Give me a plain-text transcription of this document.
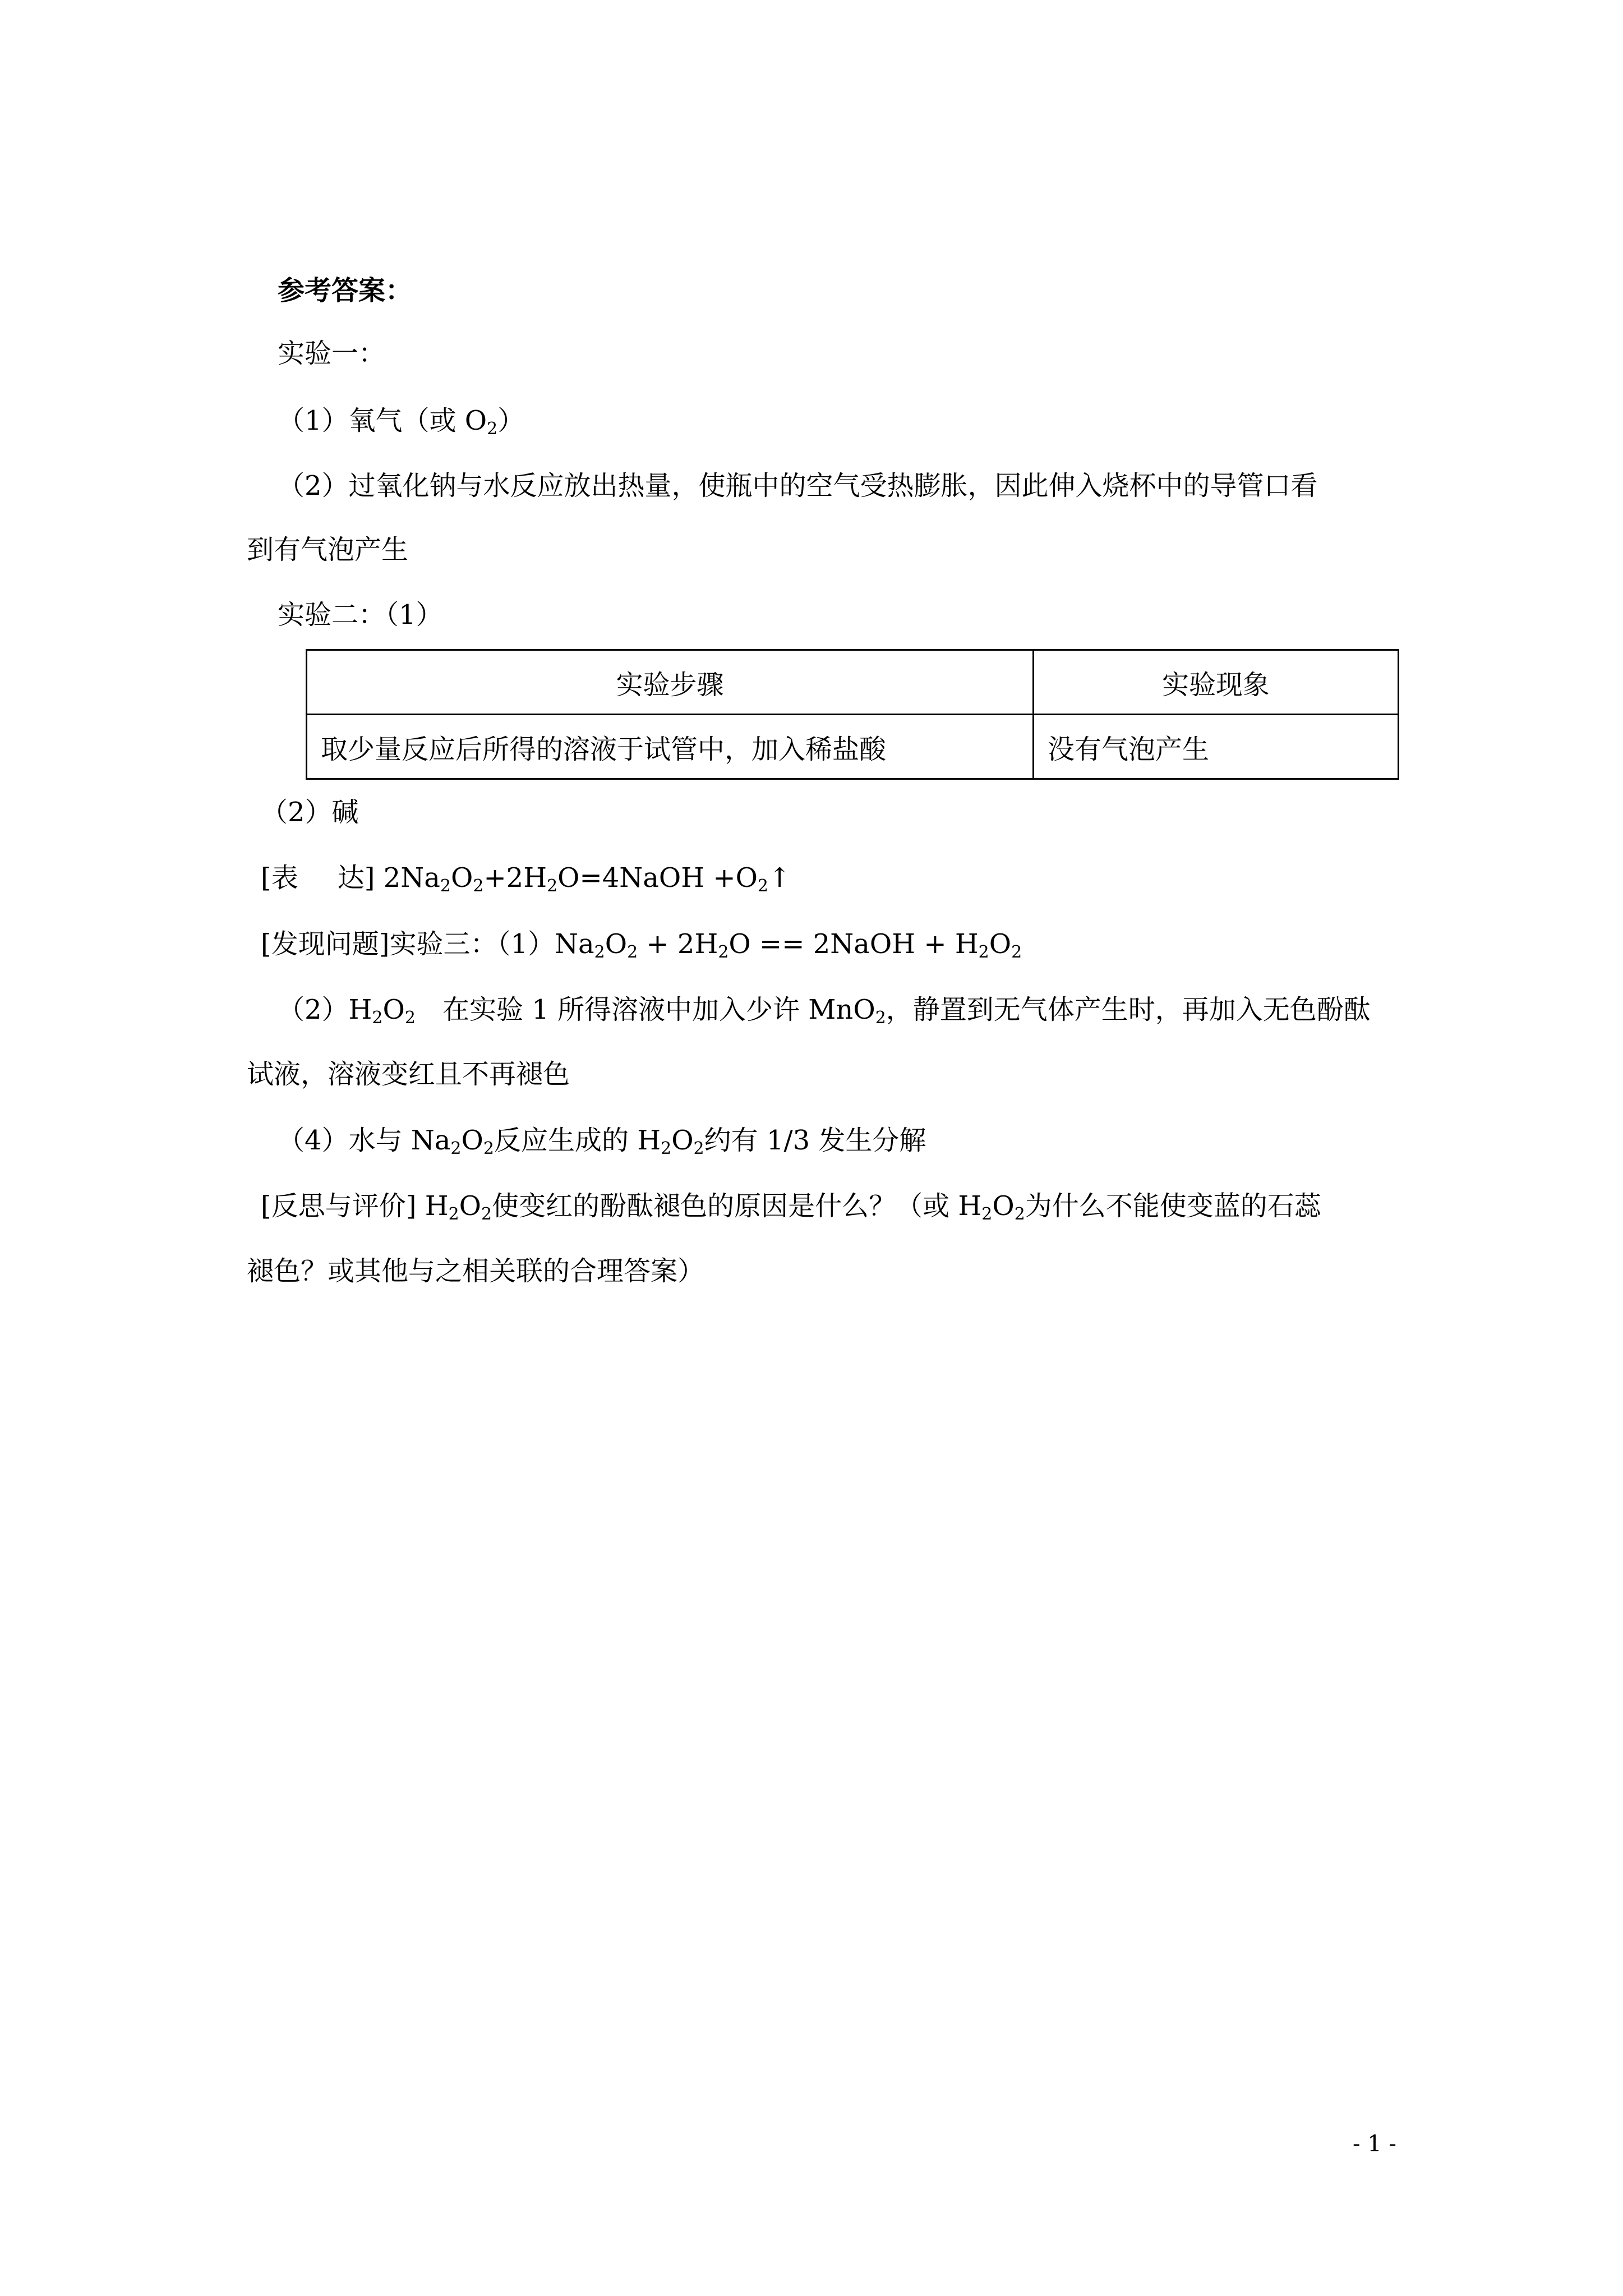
参考答案：
实验一：
（1）氧气（或 $O_2$）
（2）过氧化钠与水反应放出热量，使瓶中的空气受热膨胀，因此伸入烧杯中的导管口看
到有气泡产生
实验二：（1）
实验步骤	实验现象
取少量反应后所得的溶液于试管中，加入稀盐酸	没有气泡产生
（2）碱
[表 达] $2Na_2O_2+2H_2O=4NaOH$ $+O_2↑$
[发现问题]实验三：$(1)Na_2O_2 + 2H_2O$ == 2NaOH + $H_2O_2$
$(2)H_2O_2$　在实验 1 所得溶液中加入少许 MnO$_2$，静置到无气体产生时，再加入无色酚酞
试液，溶液变红且不再褪色
（4）水与 $Na_2O_2$反应生成的 $H_2O_2$约有 1/3 发生分解
[反思与评价] $H_2O_2$使变红的酚酞褪色的原因是什么？（或 $H_2O_2$为什么不能使变蓝的石蕊
褪色？或其他与之相关联的合理答案）
- 1 -
